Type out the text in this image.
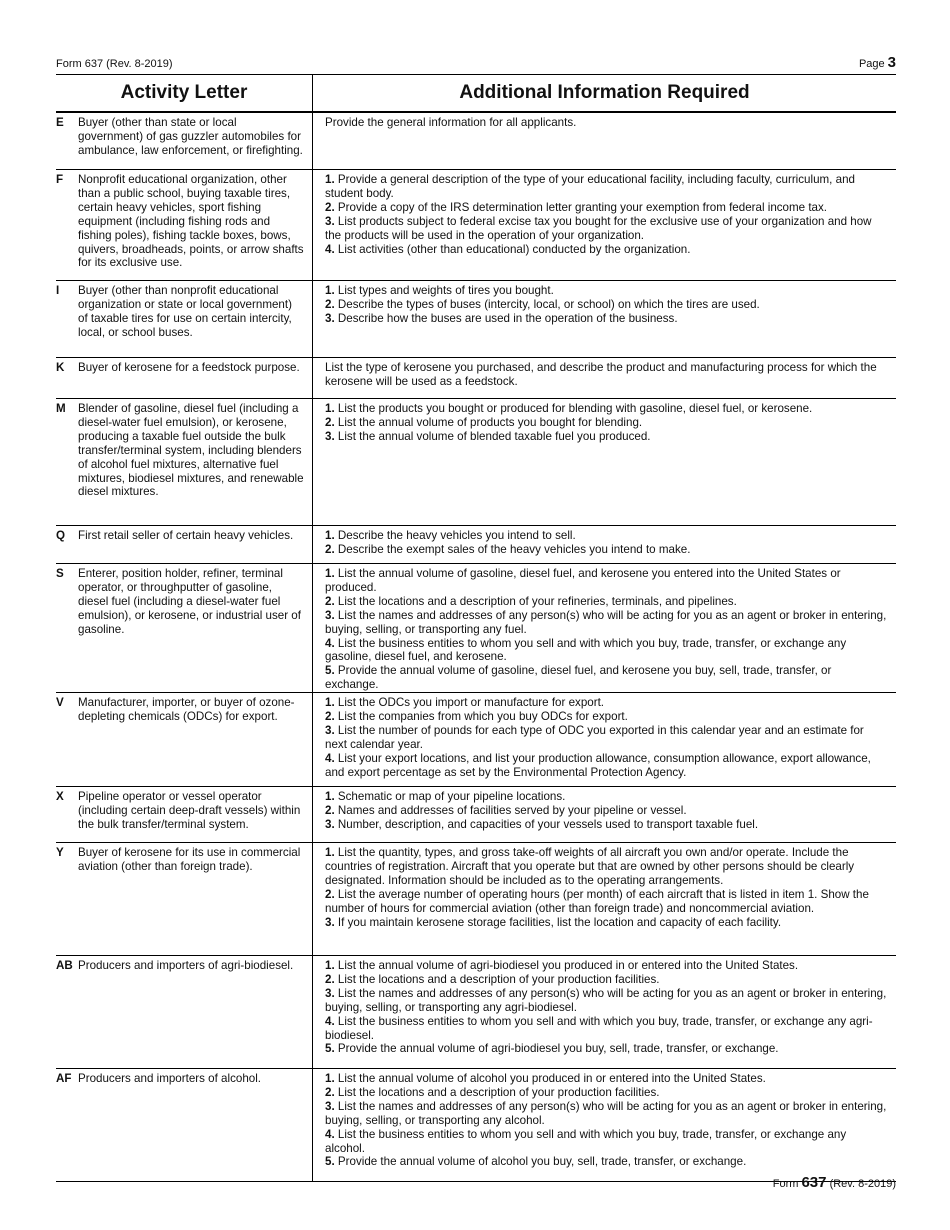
Form 637 (Rev. 8-2019)	Page 3
Activity Letter	Additional Information Required
E	Buyer (other than state or local government) of gas guzzler automobiles for ambulance, law enforcement, or firefighting.
Provide the general information for all applicants.
F	Nonprofit educational organization, other than a public school, buying taxable tires, certain heavy vehicles, sport fishing equipment (including fishing rods and fishing poles), fishing tackle boxes, bows, quivers, broadheads, points, or arrow shafts for its exclusive use.
1. Provide a general description of the type of your educational facility, including faculty, curriculum, and student body.
2. Provide a copy of the IRS determination letter granting your exemption from federal income tax.
3. List products subject to federal excise tax you bought for the exclusive use of your organization and how the products will be used in the operation of your organization.
4. List activities (other than educational) conducted by the organization.
I	Buyer (other than nonprofit educational organization or state or local government) of taxable tires for use on certain intercity, local, or school buses.
1. List types and weights of tires you bought.
2. Describe the types of buses (intercity, local, or school) on which the tires are used.
3. Describe how the buses are used in the operation of the business.
K	Buyer of kerosene for a feedstock purpose.	List the type of kerosene you purchased, and describe the product and manufacturing process for which the kerosene will be used as a feedstock.
M	Blender of gasoline, diesel fuel (including a diesel-water fuel emulsion), or kerosene, producing a taxable fuel outside the bulk transfer/terminal system, including blenders of alcohol fuel mixtures, alternative fuel mixtures, biodiesel mixtures, and renewable diesel mixtures.
1. List the products you bought or produced for blending with gasoline, diesel fuel, or kerosene.
2. List the annual volume of products you bought for blending.
3. List the annual volume of blended taxable fuel you produced.
Q	First retail seller of certain heavy vehicles.	1. Describe the heavy vehicles you intend to sell.
2. Describe the exempt sales of the heavy vehicles you intend to make.
S	Enterer, position holder, refiner, terminal operator, or throughputter of gasoline, diesel fuel (including a diesel-water fuel emulsion), or kerosene, or industrial user of gasoline.
1. List the annual volume of gasoline, diesel fuel, and kerosene you entered into the United States or produced.
2. List the locations and a description of your refineries, terminals, and pipelines.
3. List the names and addresses of any person(s) who will be acting for you as an agent or broker in entering, buying, selling, or transporting any fuel.
4. List the business entities to whom you sell and with which you buy, trade, transfer, or exchange any gasoline, diesel fuel, and kerosene.
5. Provide the annual volume of gasoline, diesel fuel, and kerosene you buy, sell, trade, transfer, or exchange.
V	Manufacturer, importer, or buyer of ozone-depleting chemicals (ODCs) for export.
1. List the ODCs you import or manufacture for export.
2. List the companies from which you buy ODCs for export.
3. List the number of pounds for each type of ODC you exported in this calendar year and an estimate for next calendar year.
4. List your export locations, and list your production allowance, consumption allowance, export allowance, and export percentage as set by the Environmental Protection Agency.
X	Pipeline operator or vessel operator (including certain deep-draft vessels) within the bulk transfer/terminal system.
1. Schematic or map of your pipeline locations.
2. Names and addresses of facilities served by your pipeline or vessel.
3. Number, description, and capacities of your vessels used to transport taxable fuel.
Y	Buyer of kerosene for its use in commercial aviation (other than foreign trade).
1. List the quantity, types, and gross take-off weights of all aircraft you own and/or operate. Include the countries of registration. Aircraft that you operate but that are owned by other persons should be clearly designated. Information should be included as to the operating arrangements.
2. List the average number of operating hours (per month) of each aircraft that is listed in item 1. Show the number of hours for commercial aviation (other than foreign trade) and noncommercial aviation.
3. If you maintain kerosene storage facilities, list the location and capacity of each facility.
AB Producers and importers of agri-biodiesel.	1. List the annual volume of agri-biodiesel you produced in or entered into the United States.
2. List the locations and a description of your production facilities.
3. List the names and addresses of any person(s) who will be acting for you as an agent or broker in entering, buying, selling, or transporting any agri-biodiesel.
4. List the business entities to whom you sell and with which you buy, trade, transfer, or exchange any agri-biodiesel.
5. Provide the annual volume of agri-biodiesel you buy, sell, trade, transfer, or exchange.
AF Producers and importers of alcohol.	1. List the annual volume of alcohol you produced in or entered into the United States.
2. List the locations and a description of your production facilities.
3. List the names and addresses of any person(s) who will be acting for you as an agent or broker in entering, buying, selling, or transporting any alcohol.
4. List the business entities to whom you sell and with which you buy, trade, transfer, or exchange any alcohol.
5. Provide the annual volume of alcohol you buy, sell, trade, transfer, or exchange.
Form 637 (Rev. 8-2019)
